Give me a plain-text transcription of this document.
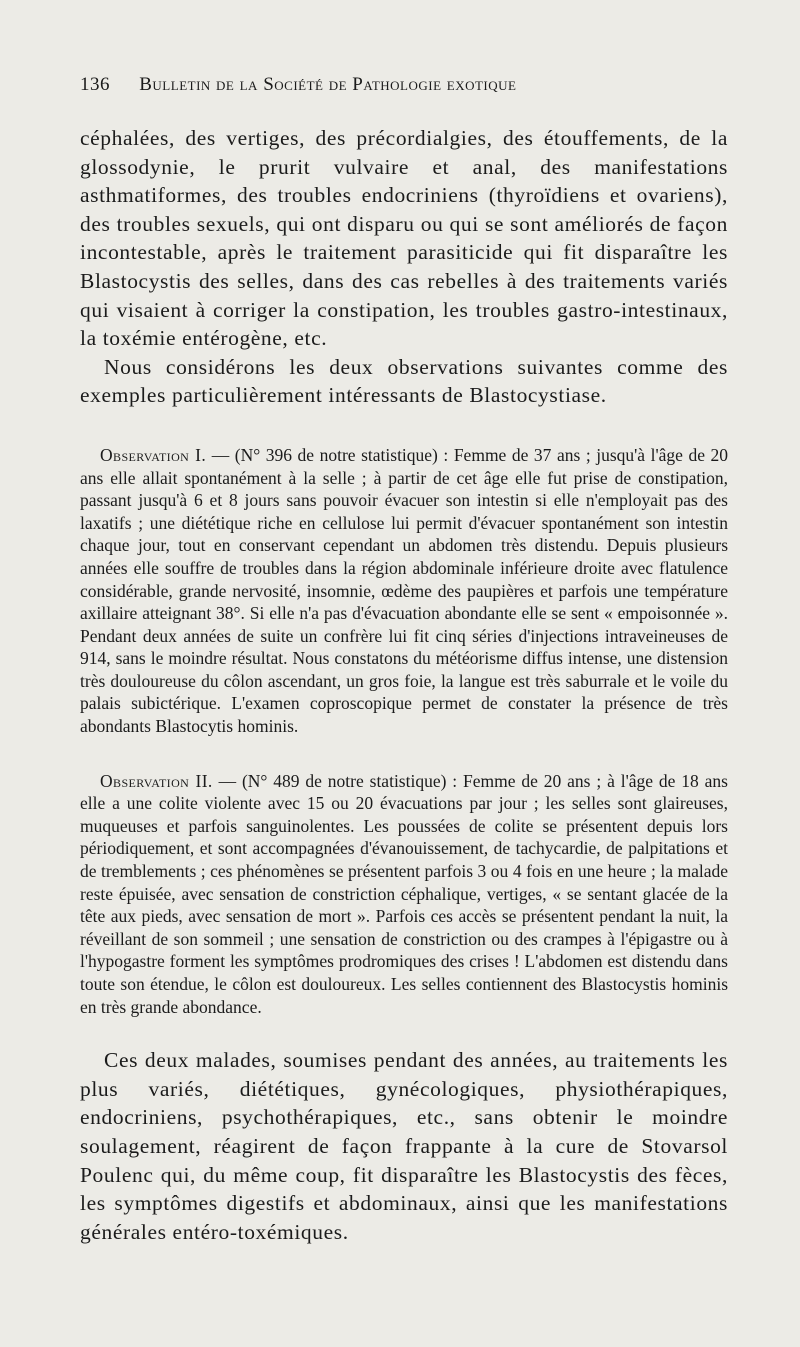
136 Bulletin de la Société de Pathologie exotique

céphalées, des vertiges, des précordialgies, des étouffements, de la glossodynie, le prurit vulvaire et anal, des manifestations asthmatiformes, des troubles endocriniens (thyroïdiens et ovariens), des troubles sexuels, qui ont disparu ou qui se sont améliorés de façon incontestable, après le traitement parasiticide qui fit disparaître les Blastocystis des selles, dans des cas rebelles à des traitements variés qui visaient à corriger la constipation, les troubles gastro-intestinaux, la toxémie entérogène, etc.

Nous considérons les deux observations suivantes comme des exemples particulièrement intéressants de Blastocystiase.

Observation I. — (N° 396 de notre statistique) : Femme de 37 ans ; jusqu'à l'âge de 20 ans elle allait spontanément à la selle ; à partir de cet âge elle fut prise de constipation, passant jusqu'à 6 et 8 jours sans pouvoir évacuer son intestin si elle n'employait pas des laxatifs ; une diététique riche en cellulose lui permit d'évacuer spontanément son intestin chaque jour, tout en conservant cependant un abdomen très distendu. Depuis plusieurs années elle souffre de troubles dans la région abdominale inférieure droite avec flatulence considérable, grande nervosité, insomnie, œdème des paupières et parfois une température axillaire atteignant 38°. Si elle n'a pas d'évacuation abondante elle se sent « empoisonnée ». Pendant deux années de suite un confrère lui fit cinq séries d'injections intraveineuses de 914, sans le moindre résultat. Nous constatons du météorisme diffus intense, une distension très douloureuse du côlon ascendant, un gros foie, la langue est très saburrale et le voile du palais subictérique. L'examen coproscopique permet de constater la présence de très abondants Blastocytis hominis.

Observation II. — (N° 489 de notre statistique) : Femme de 20 ans ; à l'âge de 18 ans elle a une colite violente avec 15 ou 20 évacuations par jour ; les selles sont glaireuses, muqueuses et parfois sanguinolentes. Les poussées de colite se présentent depuis lors périodiquement, et sont accompagnées d'évanouissement, de tachycardie, de palpitations et de tremblements ; ces phénomènes se présentent parfois 3 ou 4 fois en une heure ; la malade reste épuisée, avec sensation de constriction céphalique, vertiges, « se sentant glacée de la tête aux pieds, avec sensation de mort ». Parfois ces accès se présentent pendant la nuit, la réveillant de son sommeil ; une sensation de constriction ou des crampes à l'épigastre ou à l'hypogastre forment les symptômes prodromiques des crises ! L'abdomen est distendu dans toute son étendue, le côlon est douloureux. Les selles contiennent des Blastocystis hominis en très grande abondance.

Ces deux malades, soumises pendant des années, au traitements les plus variés, diététiques, gynécologiques, physiothérapiques, endocriniens, psychothérapiques, etc., sans obtenir le moindre soulagement, réagirent de façon frappante à la cure de Stovarsol Poulenc qui, du même coup, fit disparaître les Blastocystis des fèces, les symptômes digestifs et abdominaux, ainsi que les manifestations générales entéro-toxémiques.
